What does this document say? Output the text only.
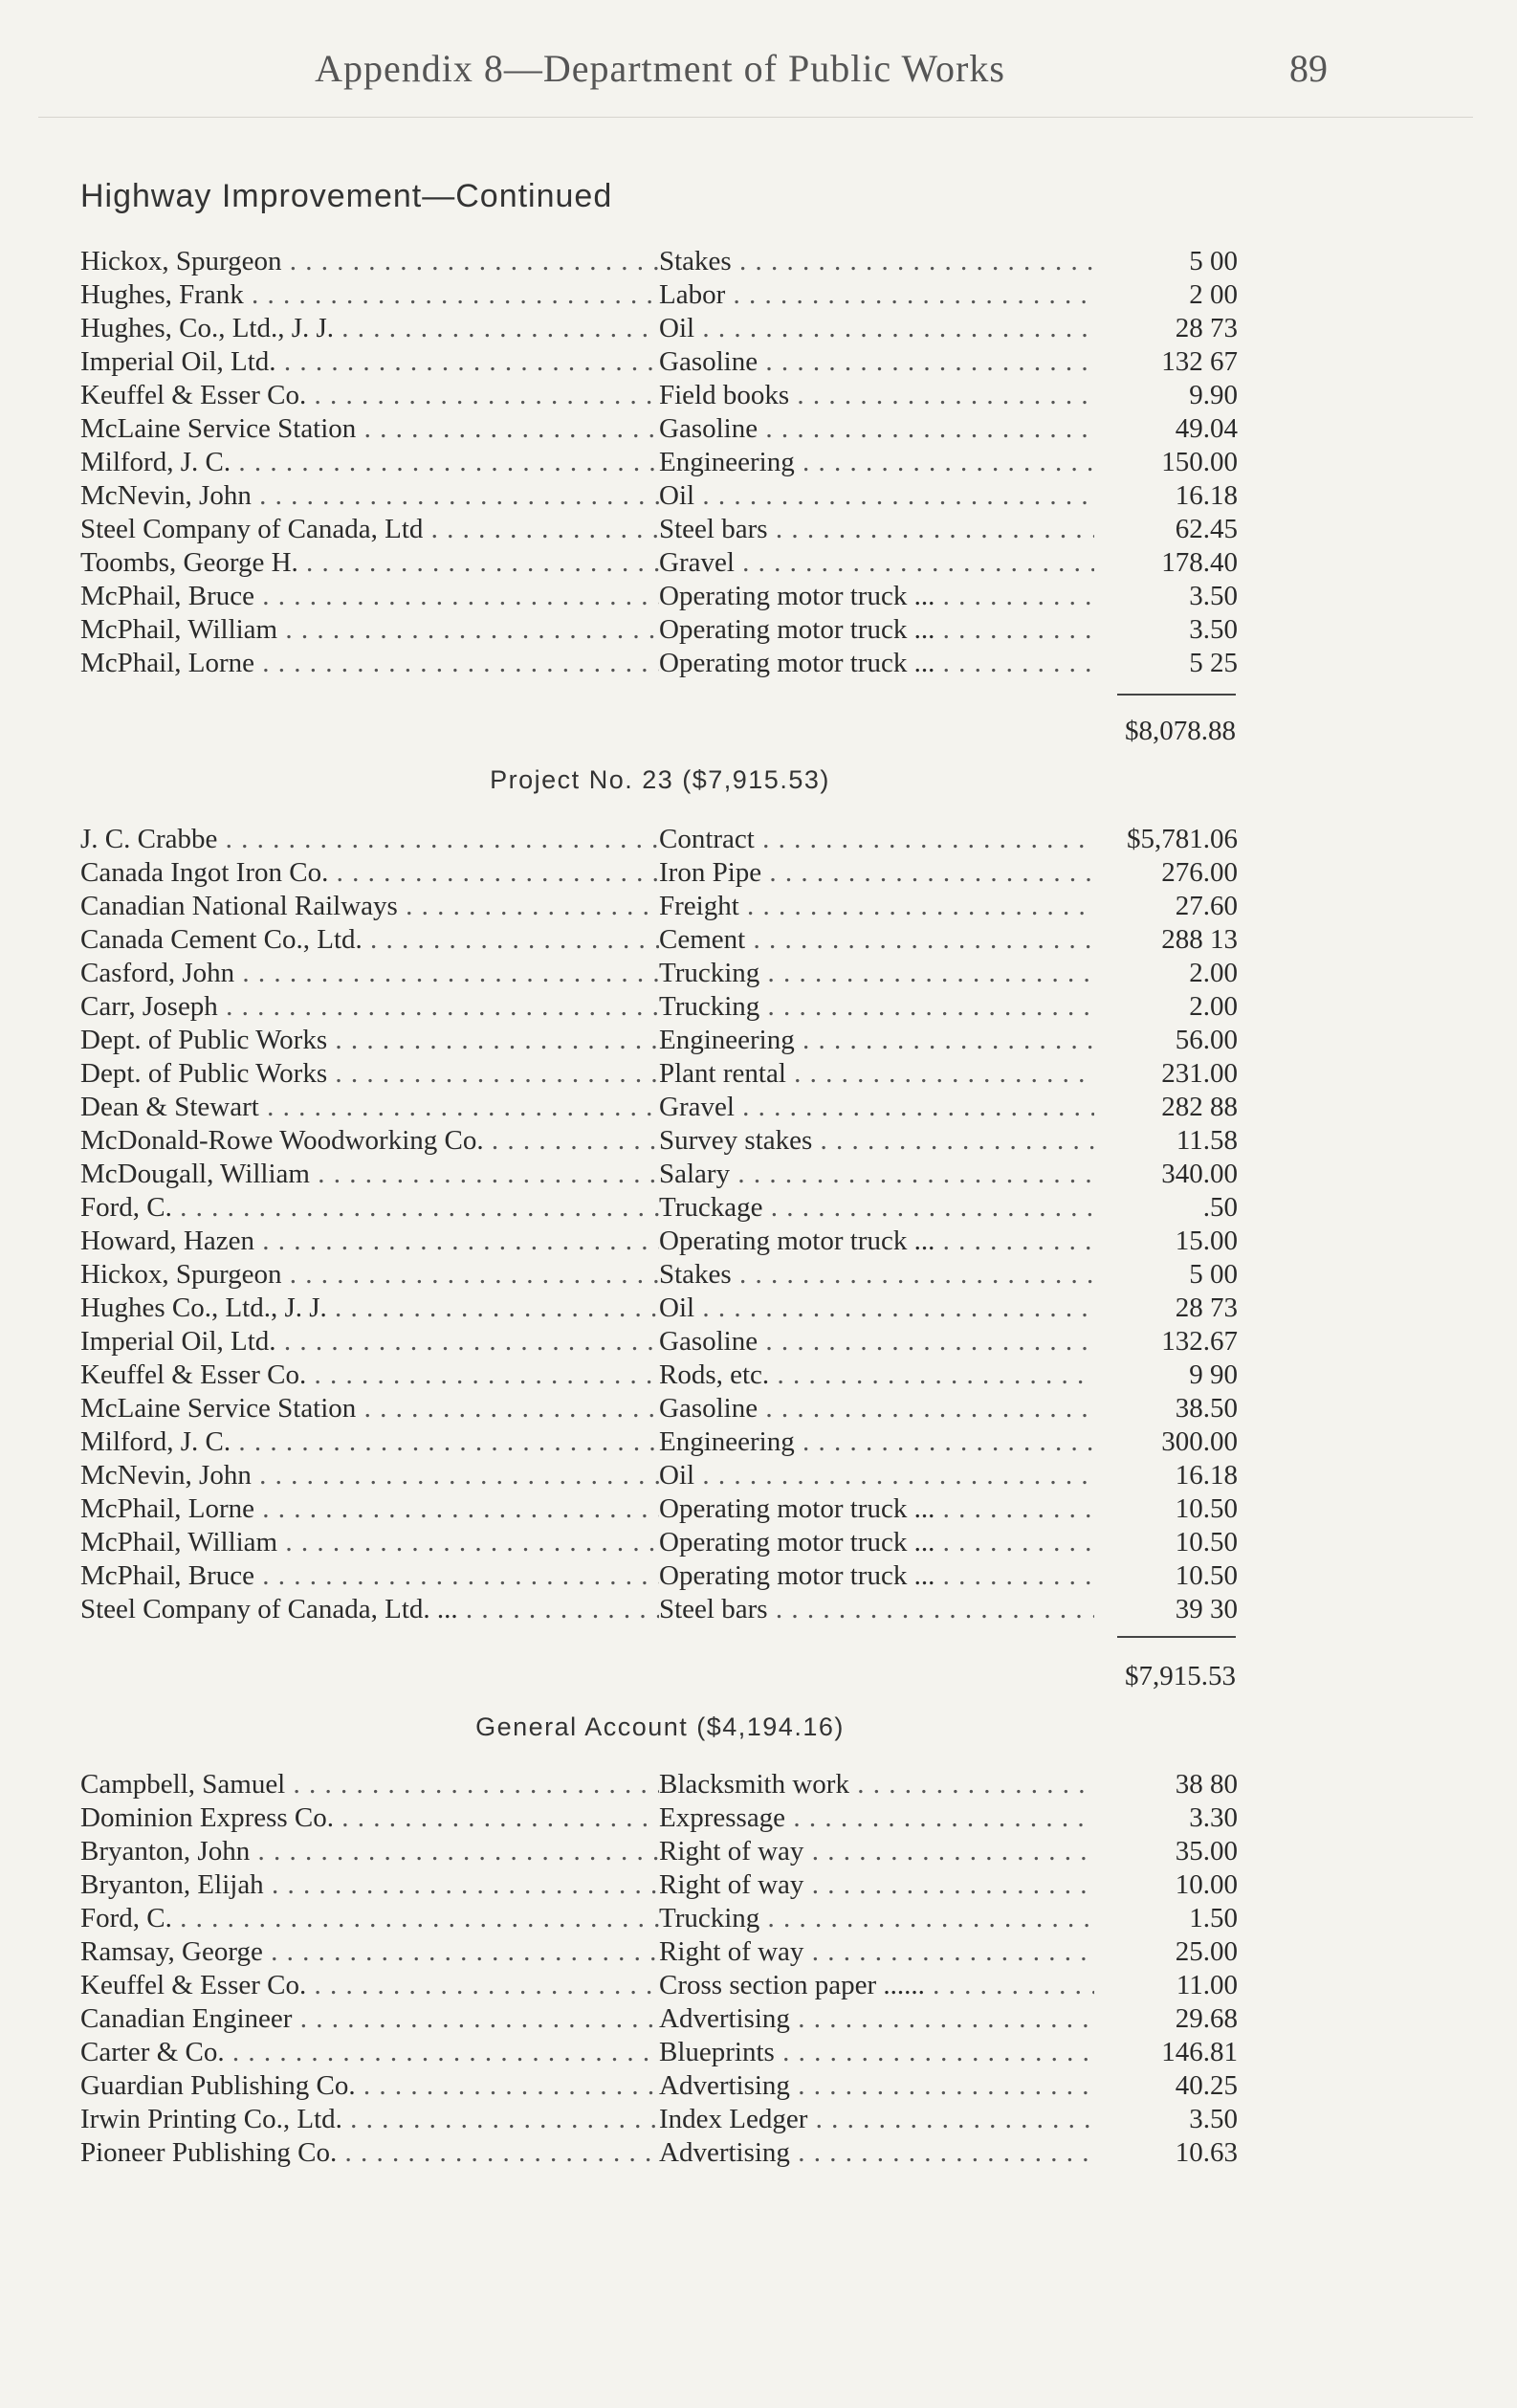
Appendix 8—Department of Public Works	89
Highway Improvement—Continued
Hickox, Spurgeon . . .	Stakes . . .	5 00
Hughes, Frank . . .	Labor . . .	2 00
Hughes, Co., Ltd., J. J. . . .	Oil . . .	28 73
Imperial Oil, Ltd. . . .	Gasoline . . .	132 67
Keuffel & Esser Co. . . .	Field books . . .	9.90
McLaine Service Station . . .	Gasoline . . .	49.04
Milford, J. C. . . .	Engineering . . .	150.00
McNevin, John . . .	Oil . . .	16.18
Steel Company of Canada, Ltd . . .	Steel bars . . .	62.45
Toombs, George H. . . .	Gravel . . .	178.40
McPhail, Bruce . . .	Operating motor truck ... . . .	3.50
McPhail, William . . .	Operating motor truck ... . . .	3.50
McPhail, Lorne . . .	Operating motor truck ... . . .	5 25
$8,078.88
Project No. 23 ($7,915.53)
J. C. Crabbe . . .	Contract . . .	$5,781.06
Canada Ingot Iron Co. . . .	Iron Pipe . . .	276.00
Canadian National Railways . . .	Freight . . .	27.60
Canada Cement Co., Ltd. . . .	Cement . . .	288 13
Casford, John . . .	Trucking . . .	2.00
Carr, Joseph . . .	Trucking . . .	2.00
Dept. of Public Works . . .	Engineering . . .	56.00
Dept. of Public Works . . .	Plant rental . . .	231.00
Dean & Stewart . . .	Gravel . . .	282 88
McDonald-Rowe Woodworking Co. . . .	Survey stakes . . .	11.58
McDougall, William . . .	Salary . . .	340.00
Ford, C. . . .	Truckage . . .	.50
Howard, Hazen . . .	Operating motor truck ... . . .	15.00
Hickox, Spurgeon . . .	Stakes . . .	5 00
Hughes Co., Ltd., J. J. . . .	Oil . . .	28 73
Imperial Oil, Ltd. . . .	Gasoline . . .	132.67
Keuffel & Esser Co. . . .	Rods, etc. . . .	9 90
McLaine Service Station . . .	Gasoline . . .	38.50
Milford, J. C. . . .	Engineering . . .	300.00
McNevin, John . . .	Oil . . .	16.18
McPhail, Lorne . . .	Operating motor truck ... . . .	10.50
McPhail, William . . .	Operating motor truck ... . . .	10.50
McPhail, Bruce . . .	Operating motor truck ... . . .	10.50
Steel Company of Canada, Ltd. ... . . .	Steel bars . . .	39 30
$7,915.53
General Account ($4,194.16)
Campbell, Samuel . . .	Blacksmith work . . .	38 80
Dominion Express Co. . . .	Expressage . . .	3.30
Bryanton, John . . .	Right of way . . .	35.00
Bryanton, Elijah . . .	Right of way . . .	10.00
Ford, C. . . .	Trucking . . .	1.50
Ramsay, George . . .	Right of way . . .	25.00
Keuffel & Esser Co. . . .	Cross section paper ...... . . .	11.00
Canadian Engineer . . .	Advertising . . .	29.68
Carter & Co. . . .	Blueprints . . .	146.81
Guardian Publishing Co. . . .	Advertising . . .	40.25
Irwin Printing Co., Ltd. . . .	Index Ledger . . .	3.50
Pioneer Publishing Co. . . .	Advertising . . .	10.63
